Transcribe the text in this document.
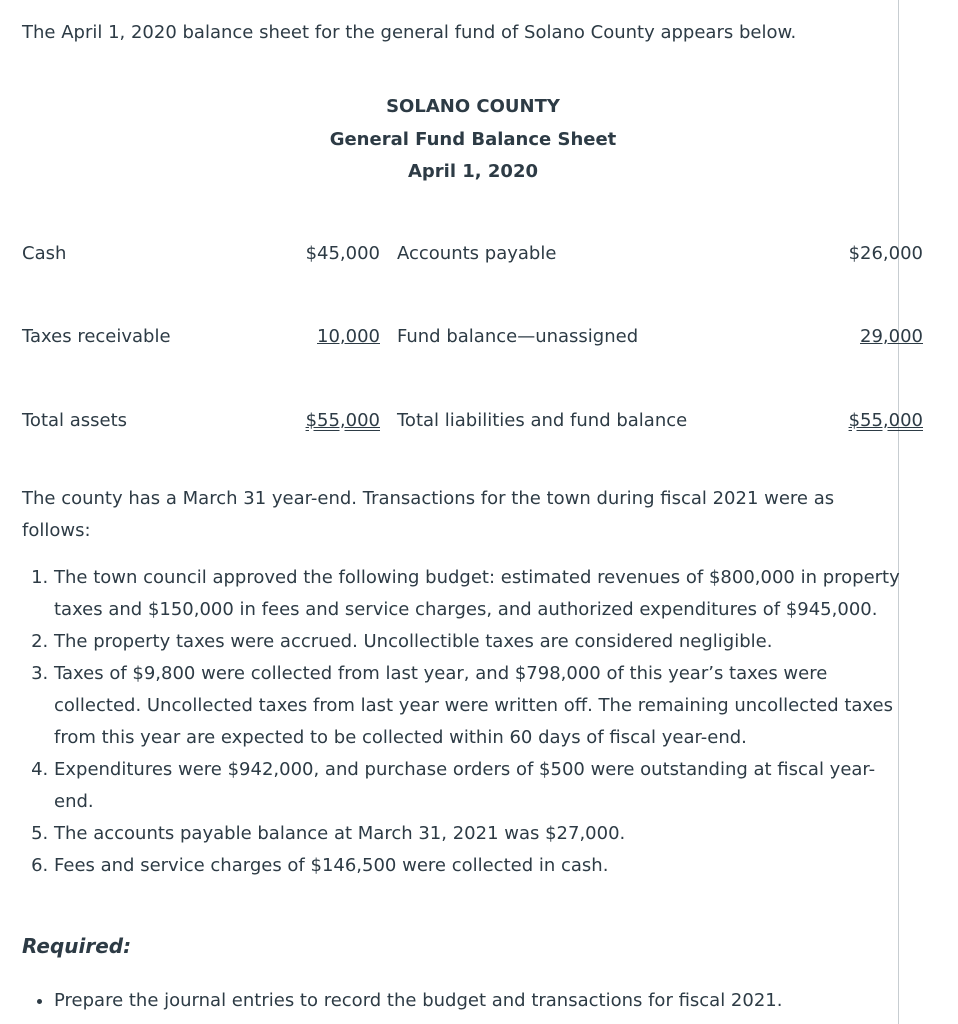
The April 1, 2020 balance sheet for the general fund of Solano County appears below.
SOLANO COUNTY
General Fund Balance Sheet
April 1, 2020
Cash	$45,000 Accounts payable	$26,000
Taxes receivable	10,000 Fund balance—unassigned	29,000
Total assets	$55,000 Total liabilities and fund balance	$55,000
The county has a March 31 year-end. Transactions for the town during fiscal 2021 were as follows:
1. The town council approved the following budget: estimated revenues of $800,000 in property taxes and $150,000 in fees and service charges, and authorized expenditures of $945,000.
2. The property taxes were accrued. Uncollectible taxes are considered negligible.
3. Taxes of $9,800 were collected from last year, and $798,000 of this year’s taxes were collected. Uncollected taxes from last year were written off. The remaining uncollected taxes from this year are expected to be collected within 60 days of fiscal year-end.
4. Expenditures were $942,000, and purchase orders of $500 were outstanding at fiscal year-end.
5. The accounts payable balance at March 31, 2021 was $27,000.
6. Fees and service charges of $146,500 were collected in cash.
Required:
• Prepare the journal entries to record the budget and transactions for fiscal 2021.
